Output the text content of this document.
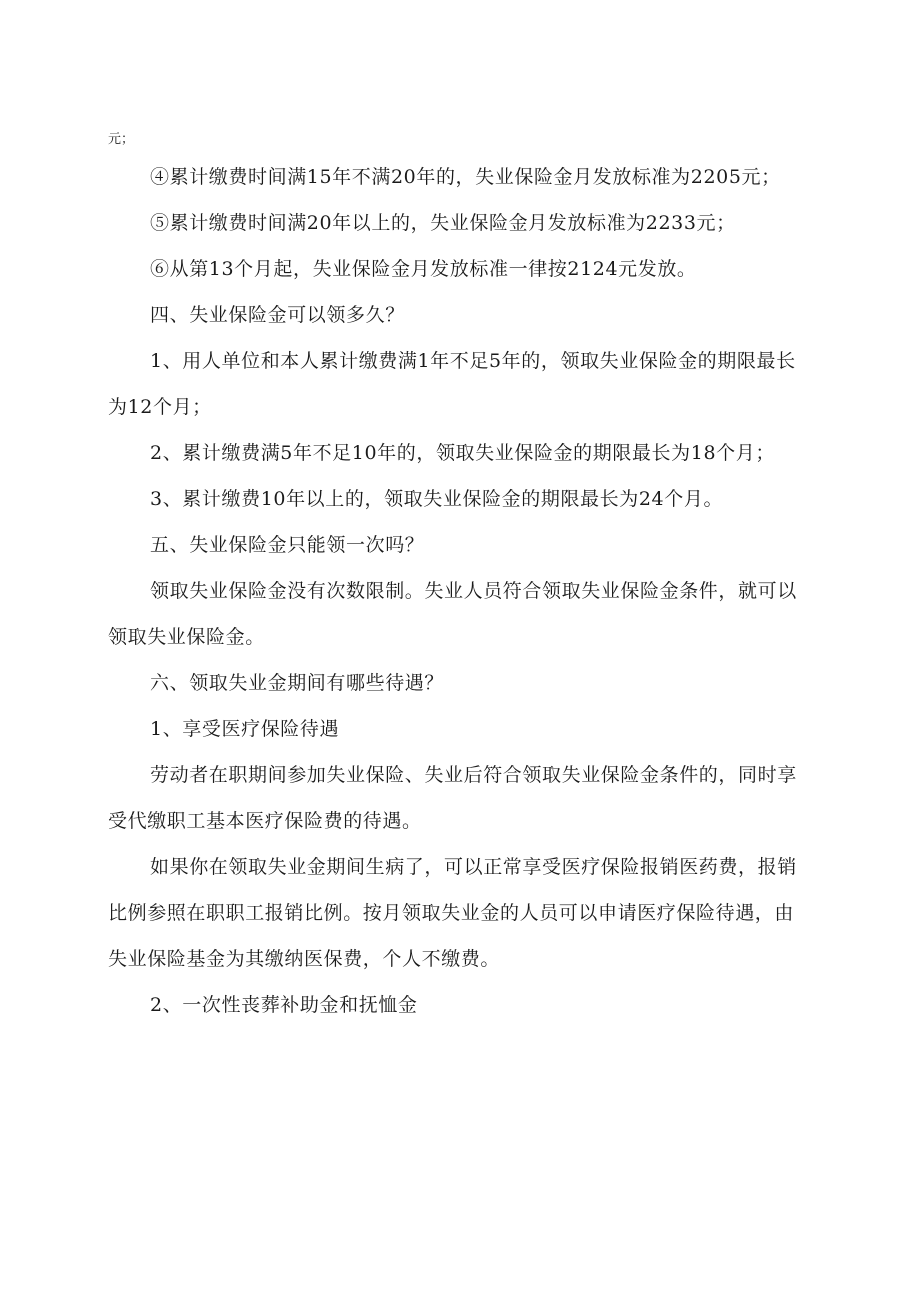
元；
④累计缴费时间满15年不满20年的，失业保险金月发放标准为2205元；
⑤累计缴费时间满20年以上的，失业保险金月发放标准为2233元；
⑥从第13个月起，失业保险金月发放标准一律按2124元发放。
四、失业保险金可以领多久？
1、用人单位和本人累计缴费满1年不足5年的，领取失业保险金的期限最长
为12个月；
2、累计缴费满5年不足10年的，领取失业保险金的期限最长为18个月；
3、累计缴费10年以上的，领取失业保险金的期限最长为24个月。
五、失业保险金只能领一次吗？
领取失业保险金没有次数限制。失业人员符合领取失业保险金条件，就可以
领取失业保险金。
六、领取失业金期间有哪些待遇？
1、享受医疗保险待遇
劳动者在职期间参加失业保险、失业后符合领取失业保险金条件的，同时享
受代缴职工基本医疗保险费的待遇。
如果你在领取失业金期间生病了，可以正常享受医疗保险报销医药费，报销
比例参照在职职工报销比例。按月领取失业金的人员可以申请医疗保险待遇，由
失业保险基金为其缴纳医保费，个人不缴费。
2、一次性丧葬补助金和抚恤金
